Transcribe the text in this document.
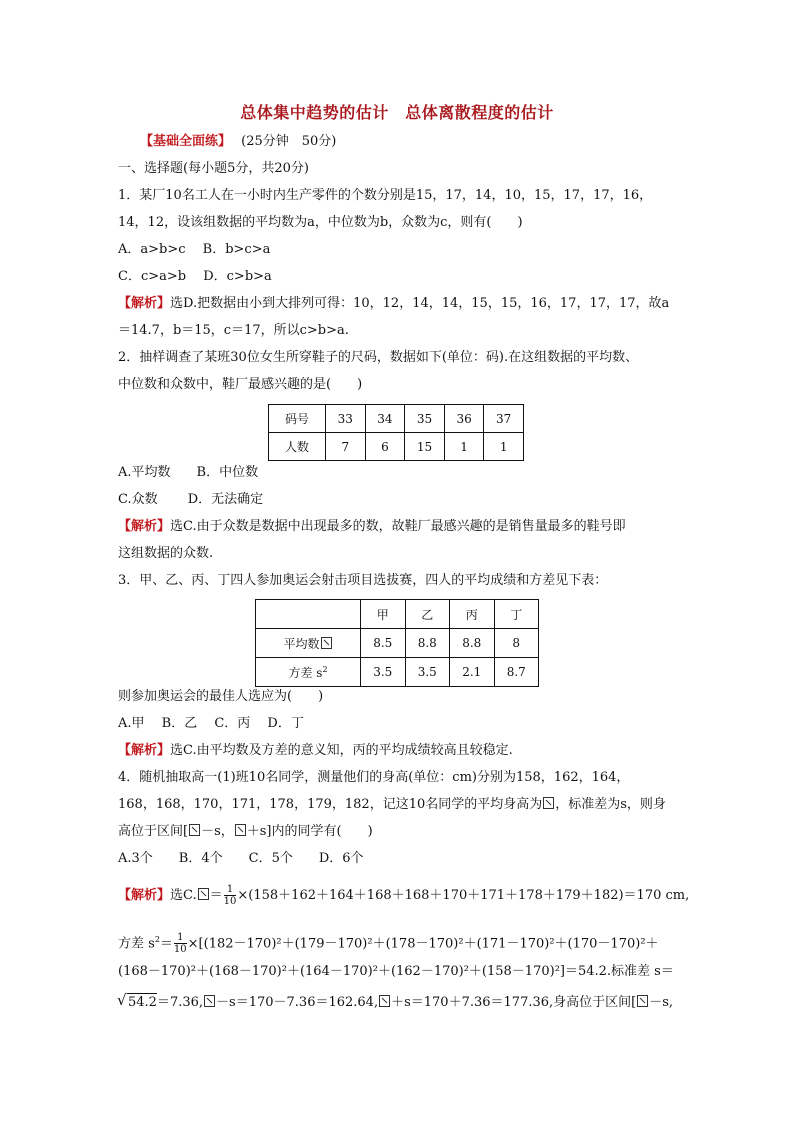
总体集中趋势的估计　总体离散程度的估计
【基础全面练】 (25分钟　50分)
一、选择题(每小题5分，共20分)
1．某厂10名工人在一小时内生产零件的个数分别是15，17，14，10，15，17，17，16，
14，12，设该组数据的平均数为a，中位数为b，众数为c，则有(　　)
A．a>b>c　 B．b>c>a
C．c>a>b　 D．c>b>a
【解析】选D.把数据由小到大排列可得：10，12，14，14，15，15，16，17，17，17，故a
＝14.7，b＝15，c＝17，所以c>b>a.
2．抽样调查了某班30位女生所穿鞋子的尺码，数据如下(单位：码).在这组数据的平均数、
中位数和众数中，鞋厂最感兴趣的是(　　)
码号	33	34	35	36	37
人数	7	6	15	1	1
A.平均数　　B．中位数
C.众数　　 D．无法确定
【解析】选C.由于众数是数据中出现最多的数，故鞋厂最感兴趣的是销售量最多的鞋号即
这组数据的众数.
3．甲、乙、丙、丁四人参加奥运会射击项目选拔赛，四人的平均成绩和方差见下表：
	甲	乙	丙	丁
平均数	8.5	8.8	8.8	8
方差 $s^2$	3.5	3.5	2.1	8.7
则参加奥运会的最佳人选应为(　　)
A.甲　 B．乙　 C．丙　 D．丁
【解析】选C.由平均数及方差的意义知，丙的平均成绩较高且较稳定.
4．随机抽取高一(1)班10名同学，测量他们的身高(单位：cm)分别为158，162，164，
168，168，170，171，178，179，182，记这10名同学的平均身高为 ，标准差为s，则身
高位于区间[ －s， ＋s]内的同学有(　　)
A.3个　　B．4个　　C．5个　　D．6个
【解析】选C. ＝ $\frac{1}{10} \times(158+162+164+168+168+170+171+178+179+182)=170$ cm,
方差 $s^2= \frac{1}{10} \times[(182-170)^2+(179-170)^2+(178-170)^2+(171-170)^2+(170-170)^2+$
(168－170)²＋(168－170)²＋(164－170)²＋(162－170)²＋(158－170)²]＝54.2.标准差 s＝
√ 54.2＝7.36, －s＝170－7.36＝162.64, ＋s＝170＋7.36＝177.36,身高位于区间[ －s,
